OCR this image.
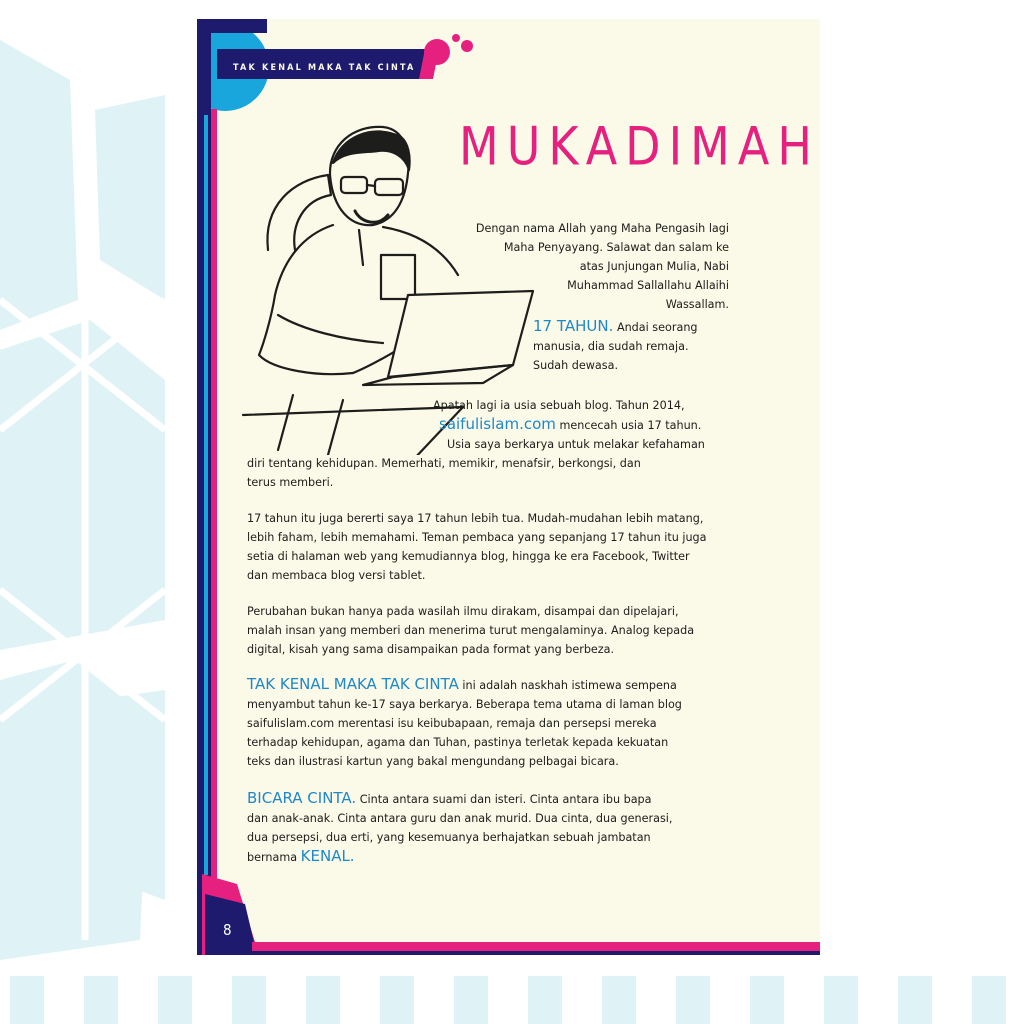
TAK KENAL MAKA TAK CINTA
MUKADIMAH

Dengan nama Allah yang Maha Pengasih lagi

Maha Penyayang. Salawat dan salam ke

atas Junjungan Mulia, Nabi

Muhammad Sallallahu Allaihi

Wassallam.

17 TAHUN. Andai seorang

manusia, dia sudah remaja.

Sudah dewasa.

Apatah lagi ia usia sebuah blog. Tahun 2014,

saifulislam.com mencecah usia 17 tahun.

Usia saya berkarya untuk melakar kefahaman

diri tentang kehidupan. Memerhati, memikir, menafsir, berkongsi, dan

terus memberi.

17 tahun itu juga bererti saya 17 tahun lebih tua. Mudah-mudahan lebih matang,

lebih faham, lebih memahami. Teman pembaca yang sepanjang 17 tahun itu juga

setia di halaman web yang kemudiannya blog, hingga ke era Facebook, Twitter

dan membaca blog versi tablet.

Perubahan bukan hanya pada wasilah ilmu dirakam, disampai dan dipelajari,

malah insan yang memberi dan menerima turut mengalaminya. Analog kepada

digital, kisah yang sama disampaikan pada format yang berbeza.

TAK KENAL MAKA TAK CINTA ini adalah naskhah istimewa sempena

menyambut tahun ke-17 saya berkarya. Beberapa tema utama di laman blog

saifulislam.com merentasi isu keibubapaan, remaja dan persepsi mereka

terhadap kehidupan, agama dan Tuhan, pastinya terletak kepada kekuatan

teks dan ilustrasi kartun yang bakal mengundang pelbagai bicara.

BICARA CINTA. Cinta antara suami dan isteri. Cinta antara ibu bapa

dan anak-anak. Cinta antara guru dan anak murid. Dua cinta, dua generasi,

dua persepsi, dua erti, yang kesemuanya berhajatkan sebuah jambatan

bernama KENAL.

8
